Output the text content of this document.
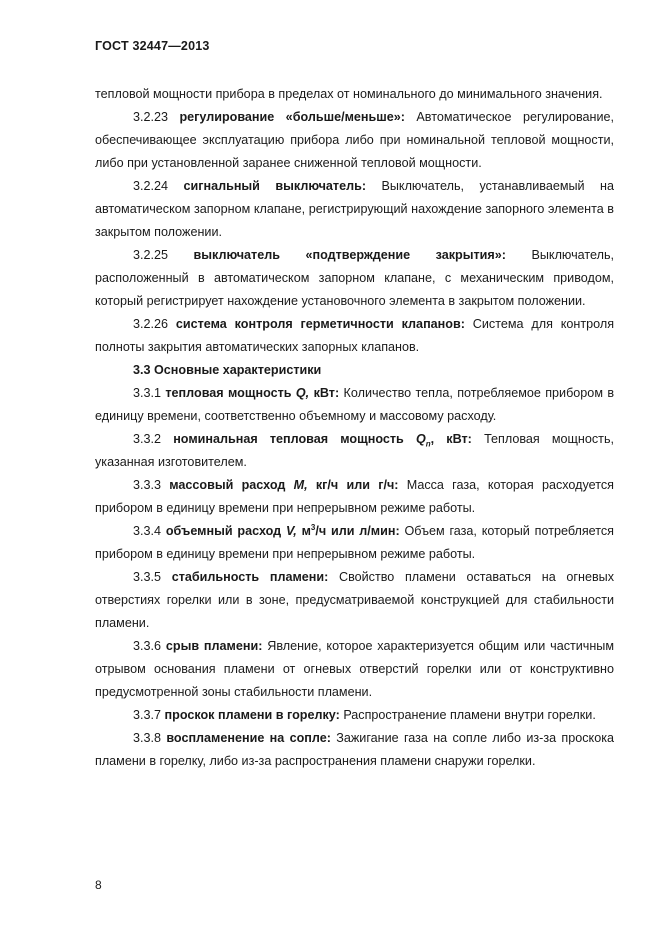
ГОСТ 32447—2013

тепловой мощности прибора в пределах от номинального до минимального значения.

3.2.23 регулирование «больше/меньше»: Автоматическое регулирование, обеспечивающее эксплуатацию прибора либо при номинальной тепловой мощности, либо при установленной заранее сниженной тепловой мощности.

3.2.24 сигнальный выключатель: Выключатель, устанавливаемый на автоматическом запорном клапане, регистрирующий нахождение запорного элемента в закрытом положении.

3.2.25 выключатель «подтверждение закрытия»: Выключатель, расположенный в автоматическом запорном клапане, с механическим приводом, который регистрирует нахождение установочного элемента в закрытом положении.

3.2.26 система контроля герметичности клапанов: Система для контроля полноты закрытия автоматических запорных клапанов.

3.3 Основные характеристики

3.3.1 тепловая мощность Q, кВт: Количество тепла, потребляемое прибором в единицу времени, соответственно объемному и массовому расходу.

3.3.2 номинальная тепловая мощность $Q_n$, кВт: Тепловая мощность, указанная изготовителем.

3.3.3 массовый расход M, кг/ч или г/ч: Масса газа, которая расходуется прибором в единицу времени при непрерывном режиме работы.

3.3.4 объемный расход V, $м^3/ч$ или л/мин: Объем газа, который потребляется прибором в единицу времени при непрерывном режиме работы.

3.3.5 стабильность пламени: Свойство пламени оставаться на огневых отверстиях горелки или в зоне, предусматриваемой конструкцией для стабильности пламени.

3.3.6 срыв пламени: Явление, которое характеризуется общим или частичным отрывом основания пламени от огневых отверстий горелки или от конструктивно предусмотренной зоны стабильности пламени.

3.3.7 проскок пламени в горелку: Распространение пламени внутри горелки.

3.3.8 воспламенение на сопле: Зажигание газа на сопле либо из-за проскока пламени в горелку, либо из-за распространения пламени снаружи горелки.

8
